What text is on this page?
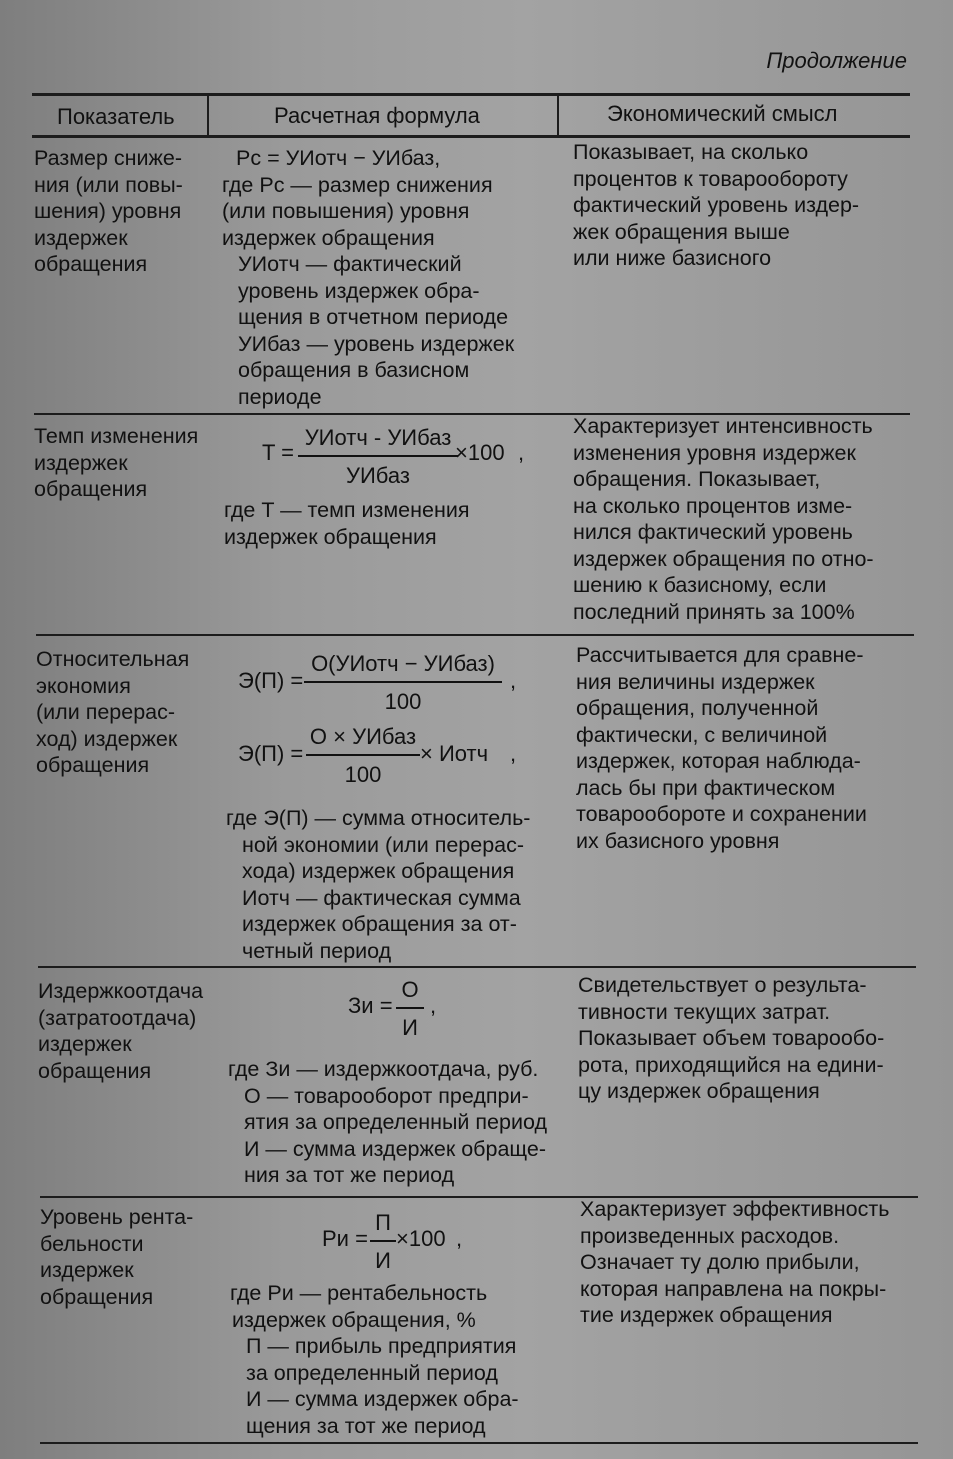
Продолжение
Показатель	Расчетная формула	Экономический смысл
Размер сниже-
ния (или повы-
шения) уровня
издержек
обращения
Pc = УИотч − УИбаз,
где Pc — размер снижения
(или повышения) уровня
издержек обращения
УИотч — фактический
уровень издержек обра-
щения в отчетном периоде
УИбаз — уровень издержек
обращения в базисном
периоде
Показывает, на сколько
процентов к товарообороту
фактический уровень издер-
жек обращения выше
или ниже базисного
Темп изменения
издержек
обращения
T =
УИотч - УИбаз
УИбаз
×100 ,
где T — темп изменения
издержек обращения
Характеризует интенсивность
изменения уровня издержек
обращения. Показывает,
на сколько процентов изме-
нился фактический уровень
издержек обращения по отно-
шению к базисному, если
последний принять за 100%
Относительная
экономия
(или перерас-
ход) издержек
обращения
Э(П) =
О(УИотч − УИбаз)
100
,
Э(П) =
О × УИбаз
100
× Иотч ,
где Э(П) — сумма относитель-
ной экономии (или перерас-
хода) издержек обращения
Иотч — фактическая сумма
издержек обращения за от-
четный период
Рассчитывается для сравне-
ния величины издержек
обращения, полученной
фактически, с величиной
издержек, которая наблюда-
лась бы при фактическом
товарообороте и сохранении
их базисного уровня
Издержкоотдача
(затратоотдача)
издержек
обращения
Зи =
О
И
,
где Зи — издержкоотдача, руб.
О — товарооборот предпри-
ятия за определенный период
И — сумма издержек обраще-
ния за тот же период
Свидетельствует о результа-
тивности текущих затрат.
Показывает объем товарообо-
рота, приходящийся на едини-
цу издержек обращения
Уровень рента-
бельности
издержек
обращения
Ри =
П
И
×100 ,
где Ри — рентабельность
издержек обращения, %
П — прибыль предприятия
за определенный период
И — сумма издержек обра-
щения за тот же период
Характеризует эффективность
произведенных расходов.
Означает ту долю прибыли,
которая направлена на покры-
тие издержек обращения
